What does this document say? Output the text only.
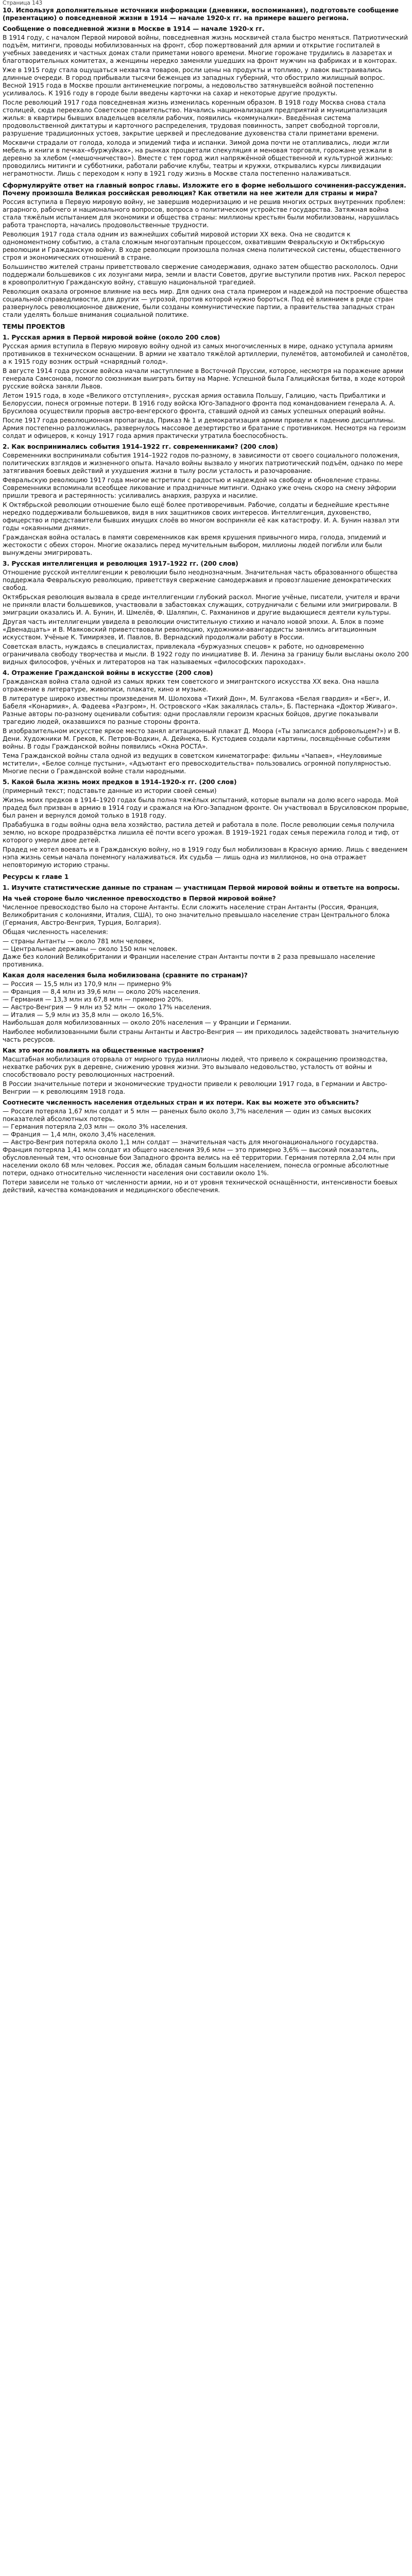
Страница 143

10. Используя дополнительные источники информации (дневники, воспоминания), подготовьте сообщение (презентацию) о повседневной жизни в 1914 — начале 1920-х гг. на примере вашего региона.

Сообщение о повседневной жизни в Москве в 1914 — начале 1920-х гг.

В 1914 году, с началом Первой мировой войны, повседневная жизнь москвичей стала быстро меняться. Патриотический подъём, митинги, проводы мобилизованных на фронт, сбор пожертвований для армии и открытие госпиталей в учебных заведениях и частных домах стали приметами нового времени. Многие горожане трудились в лазаретах и благотворительных комитетах, а женщины нередко заменяли ушедших на фронт мужчин на фабриках и в конторах.

Уже в 1915 году стала ощущаться нехватка товаров, росли цены на продукты и топливо, у лавок выстраивались длинные очереди. В город прибывали тысячи беженцев из западных губерний, что обострило жилищный вопрос. Весной 1915 года в Москве прошли антинемецкие погромы, а недовольство затянувшейся войной постепенно усиливалось. К 1916 году в городе были введены карточки на сахар и некоторые другие продукты.

После революций 1917 года повседневная жизнь изменилась коренным образом. В 1918 году Москва снова стала столицей, сюда переехало Советское правительство. Начались национализация предприятий и муниципализация жилья: в квартиры бывших владельцев вселяли рабочих, появились «коммуналки». Введённая система продовольственной диктатуры и карточного распределения, трудовая повинность, запрет свободной торговли, разрушение традиционных устоев, закрытие церквей и преследование духовенства стали приметами времени.

Москвичи страдали от голода, холода и эпидемий тифа и испанки. Зимой дома почти не отапливались, люди жгли мебель и книги в печках-«буржуйках», на рынках процветали спекуляция и меновая торговля, горожане уезжали в деревню за хлебом («мешочничество»). Вместе с тем город жил напряжённой общественной и культурной жизнью: проводились митинги и субботники, работали рабочие клубы, театры и кружки, открывались курсы ликвидации неграмотности. Лишь с переходом к нэпу в 1921 году жизнь в Москве стала постепенно налаживаться.

Сформулируйте ответ на главный вопрос главы. Изложите его в форме небольшого сочинения-рассуждения. Почему произошла Великая российская революция? Как ответили на нее жители для страны и мира?

Россия вступила в Первую мировую войну, не завершив модернизацию и не решив многих острых внутренних проблем: аграрного, рабочего и национального вопросов, вопроса о политическом устройстве государства. Затяжная война стала тяжёлым испытанием для экономики и общества страны: миллионы крестьян были мобилизованы, нарушилась работа транспорта, начались продовольственные трудности.

Революция 1917 года стала одним из важнейших событий мировой истории XX века. Она не сводится к одномоментному событию, а стала сложным многоэтапным процессом, охватившим Февральскую и Октябрьскую революции и Гражданскую войну. В ходе революции произошла полная смена политической системы, общественного строя и экономических отношений в стране.

Большинство жителей страны приветствовало свержение самодержавия, однако затем общество раскололось. Одни поддержали большевиков с их лозунгами мира, земли и власти Советов, другие выступили против них. Раскол перерос в кровопролитную Гражданскую войну, ставшую национальной трагедией.

Революция оказала огромное влияние на весь мир. Для одних она стала примером и надеждой на построение общества социальной справедливости, для других — угрозой, против которой нужно бороться. Под её влиянием в ряде стран развернулось революционное движение, были созданы коммунистические партии, а правительства западных стран стали уделять больше внимания социальной политике.

ТЕМЫ ПРОЕКТОВ

1. Русская армия в Первой мировой войне (около 200 слов)

Русская армия вступила в Первую мировую войну одной из самых многочисленных в мире, однако уступала армиям противников в техническом оснащении. В армии не хватало тяжёлой артиллерии, пулемётов, автомобилей и самолётов, а к 1915 году возник острый «снарядный голод».

В августе 1914 года русские войска начали наступление в Восточной Пруссии, которое, несмотря на поражение армии генерала Самсонова, помогло союзникам выиграть битву на Марне. Успешной была Галицийская битва, в ходе которой русские войска заняли Львов.

Летом 1915 года, в ходе «Великого отступления», русская армия оставила Польшу, Галицию, часть Прибалтики и Белоруссии, понеся огромные потери. В 1916 году войска Юго-Западного фронта под командованием генерала А. А. Брусилова осуществили прорыв австро-венгерского фронта, ставший одной из самых успешных операций войны.

После 1917 года революционная пропаганда, Приказ № 1 и демократизация армии привели к падению дисциплины. Армия постепенно разложилась, развернулось массовое дезертирство и братание с противником. Несмотря на героизм солдат и офицеров, к концу 1917 года армия практически утратила боеспособность.

2. Как воспринимались события 1914–1922 гг. современниками? (200 слов)

Современники воспринимали события 1914–1922 годов по-разному, в зависимости от своего социального положения, политических взглядов и жизненного опыта. Начало войны вызвало у многих патриотический подъём, однако по мере затягивания боевых действий и ухудшения жизни в тылу росли усталость и разочарование.

Февральскую революцию 1917 года многие встретили с радостью и надеждой на свободу и обновление страны. Современники вспоминали всеобщее ликование и праздничные митинги. Однако уже очень скоро на смену эйфории пришли тревога и растерянность: усиливались анархия, разруха и насилие.

К Октябрьской революции отношение было ещё более противоречивым. Рабочие, солдаты и беднейшие крестьяне нередко поддерживали большевиков, видя в них защитников своих интересов. Интеллигенция, духовенство, офицерство и представители бывших имущих слоёв во многом восприняли её как катастрофу. И. А. Бунин назвал эти годы «окаянными днями».

Гражданская война осталась в памяти современников как время крушения привычного мира, голода, эпидемий и жестокости с обеих сторон. Многие оказались перед мучительным выбором, миллионы людей погибли или были вынуждены эмигрировать.

3. Русская интеллигенция и революция 1917–1922 гг. (200 слов)

Отношение русской интеллигенции к революции было неоднозначным. Значительная часть образованного общества поддержала Февральскую революцию, приветствуя свержение самодержавия и провозглашение демократических свобод.

Октябрьская революция вызвала в среде интеллигенции глубокий раскол. Многие учёные, писатели, учителя и врачи не приняли власти большевиков, участвовали в забастовках служащих, сотрудничали с белыми или эмигрировали. В эмиграции оказались И. А. Бунин, И. Шмелёв, Ф. Шаляпин, С. Рахманинов и другие выдающиеся деятели культуры.

Другая часть интеллигенции увидела в революции очистительную стихию и начало новой эпохи. А. Блок в поэме «Двенадцать» и В. Маяковский приветствовали революцию, художники-авангардисты занялись агитационным искусством. Учёные К. Тимирязев, И. Павлов, В. Вернадский продолжали работу в России.

Советская власть, нуждаясь в специалистах, привлекала «буржуазных спецов» к работе, но одновременно ограничивала свободу творчества и мысли. В 1922 году по инициативе В. И. Ленина за границу были высланы около 200 видных философов, учёных и литераторов на так называемых «философских пароходах».

4. Отражение Гражданской войны в искусстве (200 слов)

Гражданская война стала одной из самых ярких тем советского и эмигрантского искусства XX века. Она нашла отражение в литературе, живописи, плакате, кино и музыке.

В литературе широко известны произведения М. Шолохова «Тихий Дон», М. Булгакова «Белая гвардия» и «Бег», И. Бабеля «Конармия», А. Фадеева «Разгром», Н. Островского «Как закалялась сталь», Б. Пастернака «Доктор Живаго». Разные авторы по-разному оценивали события: одни прославляли героизм красных бойцов, другие показывали трагедию людей, оказавшихся по разные стороны фронта.

В изобразительном искусстве яркое место занял агитационный плакат Д. Моора («Ты записался добровольцем?») и В. Дени. Художники М. Греков, К. Петров-Водкин, А. Дейнека, Б. Кустодиев создали картины, посвящённые событиям войны. В годы Гражданской войны появились «Окна РОСТА».

Тема Гражданской войны стала одной из ведущих в советском кинематографе: фильмы «Чапаев», «Неуловимые мстители», «Белое солнце пустыни», «Адъютант его превосходительства» пользовались огромной популярностью. Многие песни о Гражданской войне стали народными.

5. Какой была жизнь моих предков в 1914–1920-х гг. (200 слов)

(примерный текст; подставьте данные из истории своей семьи)

Жизнь моих предков в 1914–1920 годах была полна тяжёлых испытаний, которые выпали на долю всего народа. Мой прадед был призван в армию в 1914 году и сражался на Юго-Западном фронте. Он участвовал в Брусиловском прорыве, был ранен и вернулся домой только в 1918 году.

Прабабушка в годы войны одна вела хозяйство, растила детей и работала в поле. После революции семья получила землю, но вскоре продразвёрстка лишила её почти всего урожая. В 1919–1921 годах семья пережила голод и тиф, от которого умерли двое детей.

Прадед не хотел воевать и в Гражданскую войну, но в 1919 году был мобилизован в Красную армию. Лишь с введением нэпа жизнь семьи начала понемногу налаживаться. Их судьба — лишь одна из миллионов, но она отражает неповторимую историю страны.

Ресурсы к главе 1

1. Изучите статистические данные по странам — участницам Первой мировой войны и ответьте на вопросы.

На чьей стороне было численное превосходство в Первой мировой войне?

Численное превосходство было на стороне Антанты. Если сложить население стран Антанты (Россия, Франция, Великобритания с колониями, Италия, США), то оно значительно превышало население стран Центрального блока (Германия, Австро-Венгрия, Турция, Болгария).

Общая численность населения:

— страны Антанты — около 781 млн человек,
— Центральные державы — около 150 млн человек.

Даже без колоний Великобритании и Франции население стран Антанты почти в 2 раза превышало население противника.

Какая доля населения была мобилизована (сравните по странам)?

— Россия — 15,5 млн из 170,9 млн — примерно 9%
— Франция — 8,4 млн из 39,6 млн — около 20% населения.
— Германия — 13,3 млн из 67,8 млн — примерно 20%.
— Австро-Венгрия — 9 млн из 52 млн — около 17% населения.
— Италия — 5,9 млн из 35,8 млн — около 16,5%.

Наибольшая доля мобилизованных — около 20% населения — у Франции и Германии.

Наиболее мобилизованными были страны Антанты и Австро-Венгрия — им приходилось задействовать значительную часть ресурсов.

Как это могло повлиять на общественные настроения?

Масштабная мобилизация оторвала от мирного труда миллионы людей, что привело к сокращению производства, нехватке рабочих рук в деревне, снижению уровня жизни. Это вызывало недовольство, усталость от войны и способствовало росту революционных настроений.

В России значительные потери и экономические трудности привели к революции 1917 года, в Германии и Австро-Венгрии — к революциям 1918 года.

Соотнесите численность населения отдельных стран и их потери. Как вы можете это объяснить?

— Россия потеряла 1,67 млн солдат и 5 млн — раненых было около 3,7% населения — один из самых высоких показателей абсолютных потерь.
— Германия потеряла 2,03 млн — около 3% населения.
— Франция — 1,4 млн, около 3,4% населения.
— Австро-Венгрия потеряла около 1,1 млн солдат — значительная часть для многонационального государства.

Франция потеряла 1,41 млн солдат из общего населения 39,6 млн — это примерно 3,6% — высокий показатель, обусловленный тем, что основные бои Западного фронта велись на её территории. Германия потеряла 2,04 млн при населении около 68 млн человек. Россия же, обладая самым большим населением, понесла огромные абсолютные потери, однако относительно численности населения они составили около 1%.

Потери зависели не только от численности армии, но и от уровня технической оснащённости, интенсивности боевых действий, качества командования и медицинского обеспечения.
